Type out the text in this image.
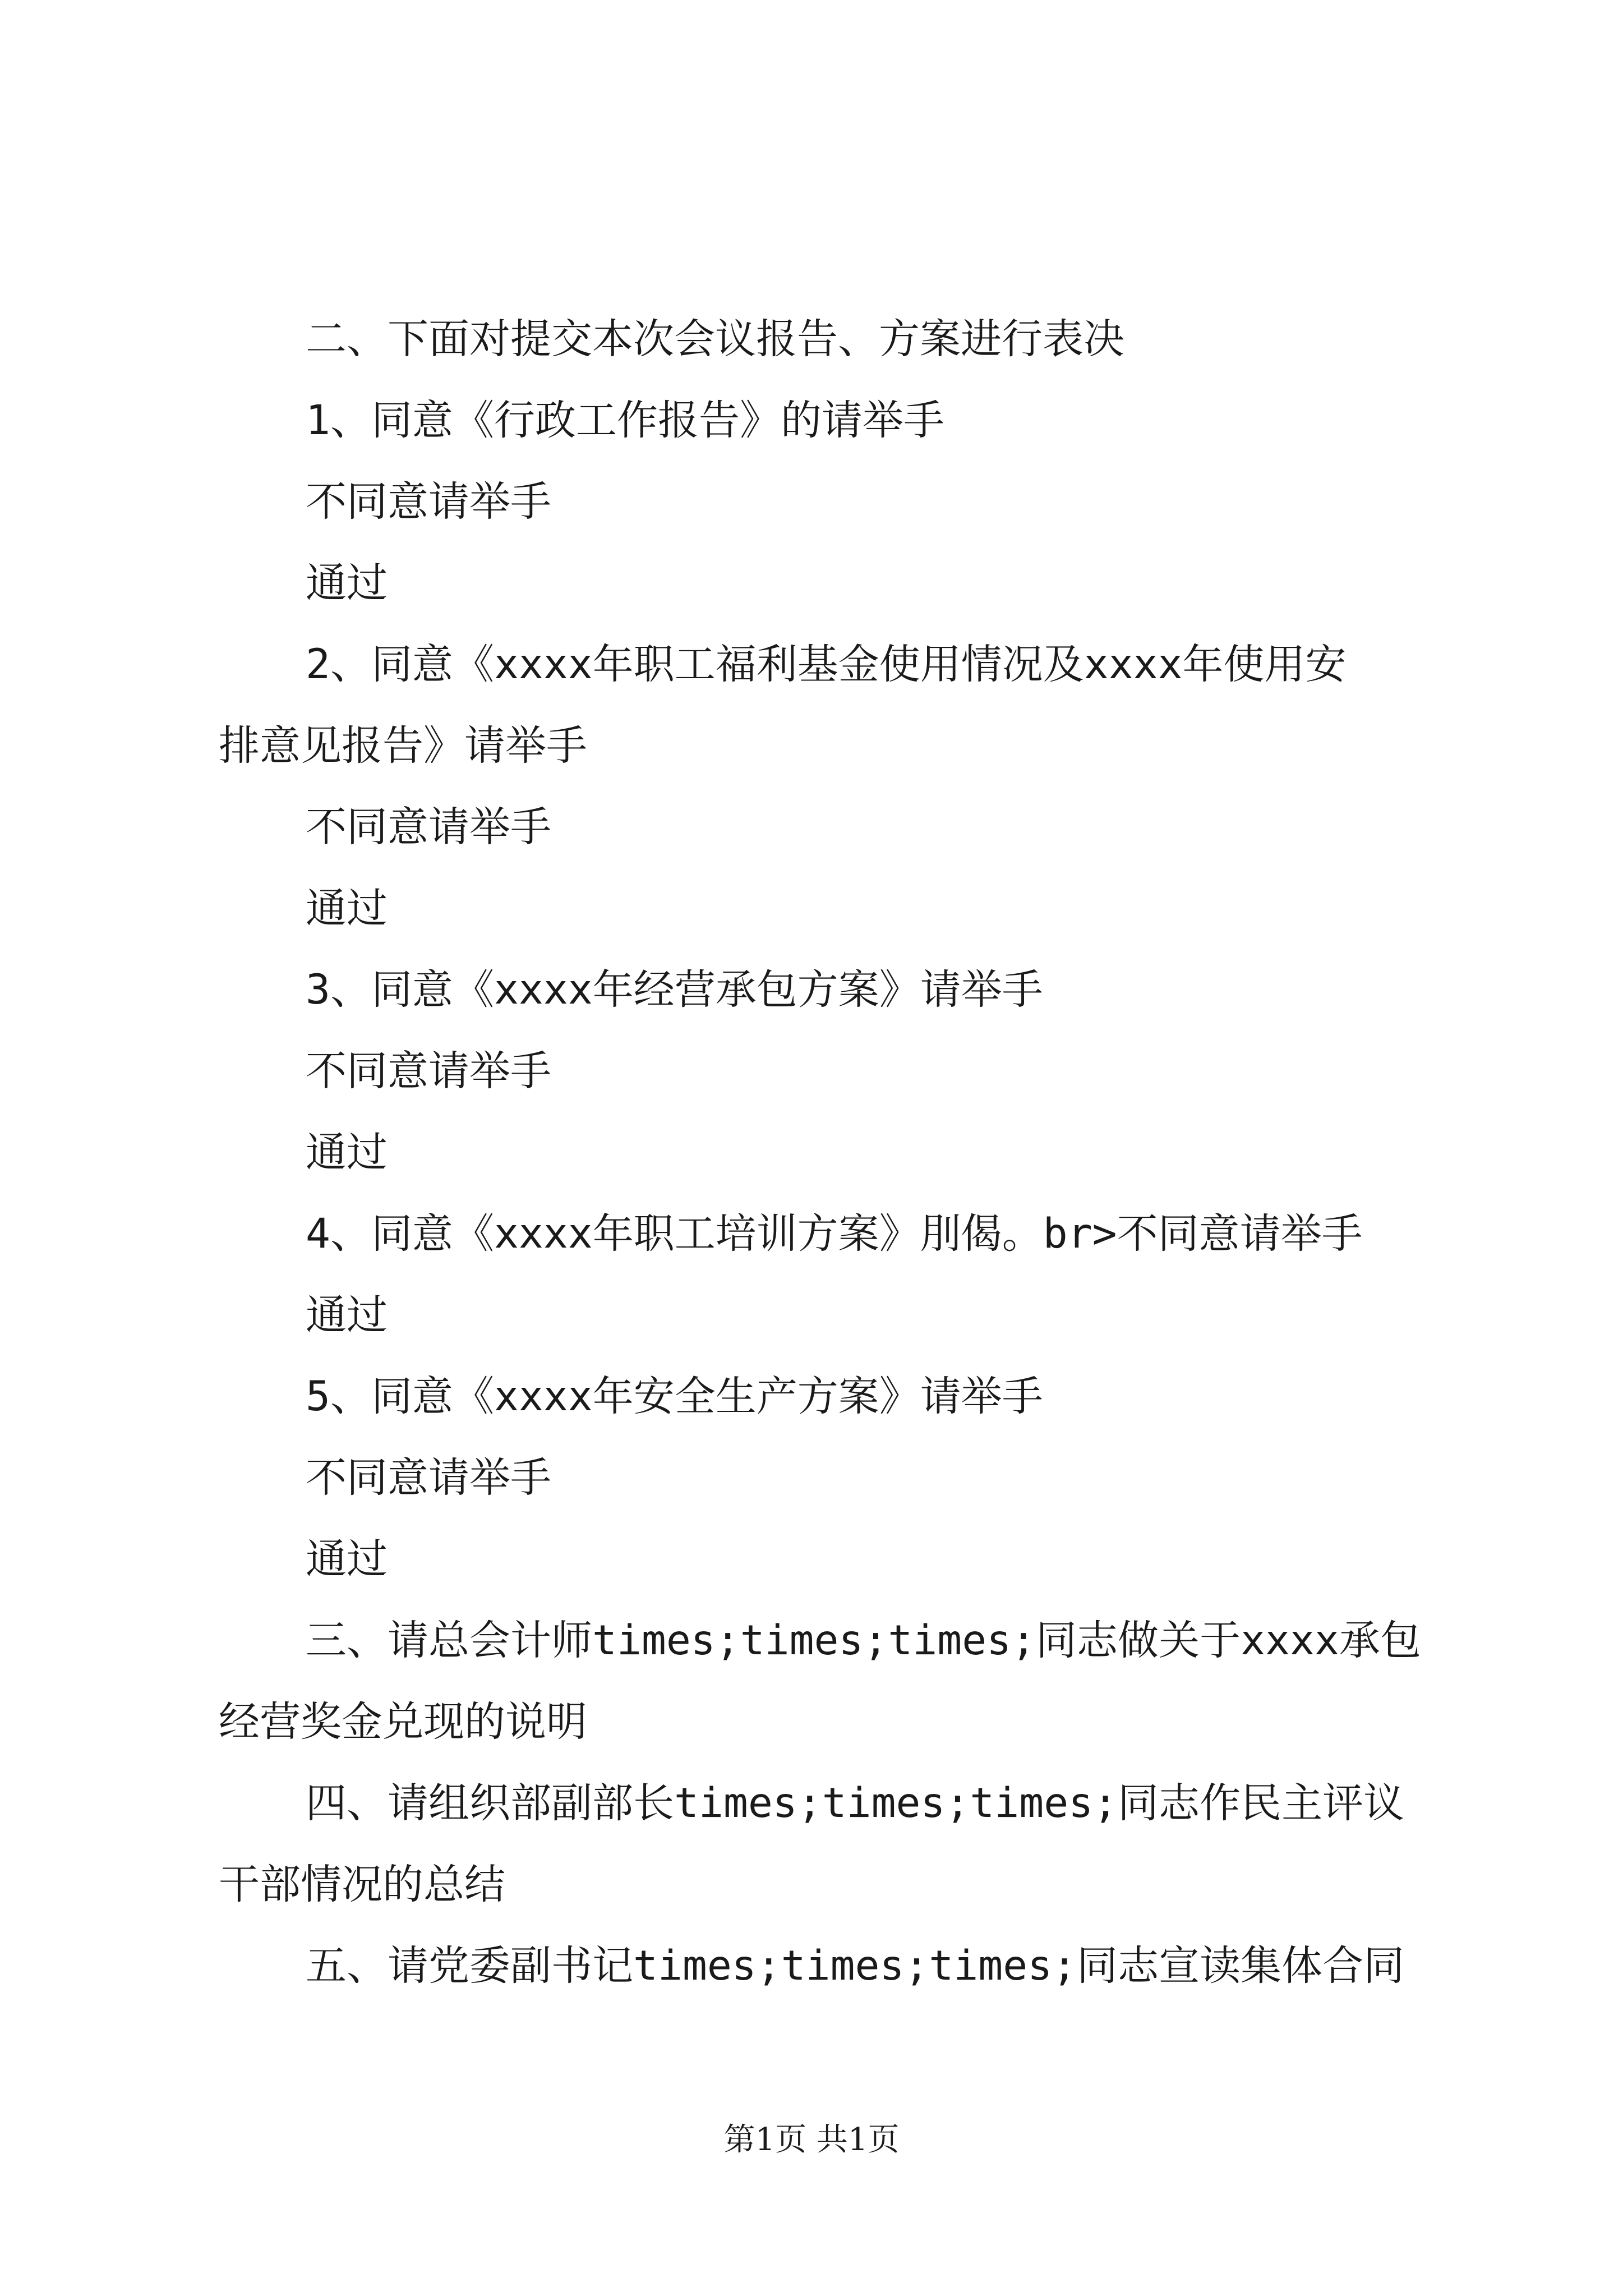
二、下面对提交本次会议报告、方案进行表决

1、同意《行政工作报告》的请举手

不同意请举手

通过

2、同意《xxxx年职工福利基金使用情况及xxxx年使用安

排意见报告》请举手

不同意请举手

通过

3、同意《xxxx年经营承包方案》请举手

不同意请举手

通过

4、同意《xxxx年职工培训方案》刖偈。br>不同意请举手

通过

5、同意《xxxx年安全生产方案》请举手

不同意请举手

通过

三、请总会计师times;times;times;同志做关于xxxx承包

经营奖金兑现的说明

四、请组织部副部长times;times;times;同志作民主评议

干部情况的总结

五、请党委副书记times;times;times;同志宣读集体合同

第1页 共1页
